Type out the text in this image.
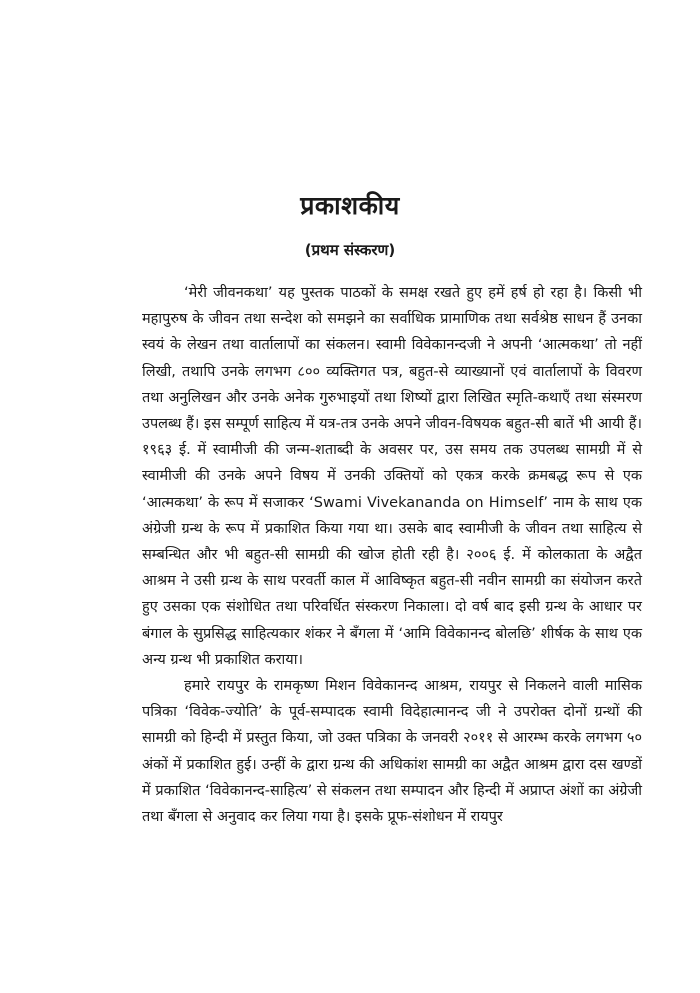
प्रकाशकीय
(प्रथम संस्करण)

‘मेरी जीवनकथा’ यह पुस्तक पाठकों के समक्ष रखते हुए हमें हर्ष हो रहा है। किसी भी महापुरुष के जीवन तथा सन्देश को समझने का सर्वाधिक प्रामाणिक तथा सर्वश्रेष्ठ साधन हैं उनका स्वयं के लेखन तथा वार्तालापों का संकलन। स्वामी विवेकानन्दजी ने अपनी ‘आत्मकथा’ तो नहीं लिखी, तथापि उनके लगभग ८०० व्यक्तिगत पत्र, बहुत-से व्याख्यानों एवं वार्तालापों के विवरण तथा अनुलिखन और उनके अनेक गुरुभाइयों तथा शिष्यों द्वारा लिखित स्मृति-कथाएँ तथा संस्मरण उपलब्ध हैं। इस सम्पूर्ण साहित्य में यत्र-तत्र उनके अपने जीवन-विषयक बहुत-सी बातें भी आयी हैं। १९६३ ई. में स्वामीजी की जन्म-शताब्दी के अवसर पर, उस समय तक उपलब्ध सामग्री में से स्वामीजी की उनके अपने विषय में उनकी उक्तियों को एकत्र करके क्रमबद्ध रूप से एक ‘आत्मकथा’ के रूप में सजाकर ‘Swami Vivekananda on Himself’ नाम के साथ एक अंग्रेजी ग्रन्थ के रूप में प्रकाशित किया गया था। उसके बाद स्वामीजी के जीवन तथा साहित्य से सम्बन्धित और भी बहुत-सी सामग्री की खोज होती रही है। २००६ ई. में कोलकाता के अद्वैत आश्रम ने उसी ग्रन्थ के साथ परवर्ती काल में आविष्कृत बहुत-सी नवीन सामग्री का संयोजन करते हुए उसका एक संशोधित तथा परिवर्धित संस्करण निकाला। दो वर्ष बाद इसी ग्रन्थ के आधार पर बंगाल के सुप्रसिद्ध साहित्यकार शंकर ने बँगला में ‘आमि विवेकानन्द बोलछि’ शीर्षक के साथ एक अन्य ग्रन्थ भी प्रकाशित कराया।

हमारे रायपुर के रामकृष्ण मिशन विवेकानन्द आश्रम, रायपुर से निकलने वाली मासिक पत्रिका ‘विवेक-ज्योति’ के पूर्व-सम्पादक स्वामी विदेहात्मानन्द जी ने उपरोक्त दोनों ग्रन्थों की सामग्री को हिन्दी में प्रस्तुत किया, जो उक्त पत्रिका के जनवरी २०११ से आरम्भ करके लगभग ५० अंकों में प्रकाशित हुई। उन्हीं के द्वारा ग्रन्थ की अधिकांश सामग्री का अद्वैत आश्रम द्वारा दस खण्डों में प्रकाशित ‘विवेकानन्द-साहित्य’ से संकलन तथा सम्पादन और हिन्दी में अप्राप्त अंशों का अंग्रेजी तथा बँगला से अनुवाद कर लिया गया है। इसके प्रूफ-संशोधन में रायपुर
